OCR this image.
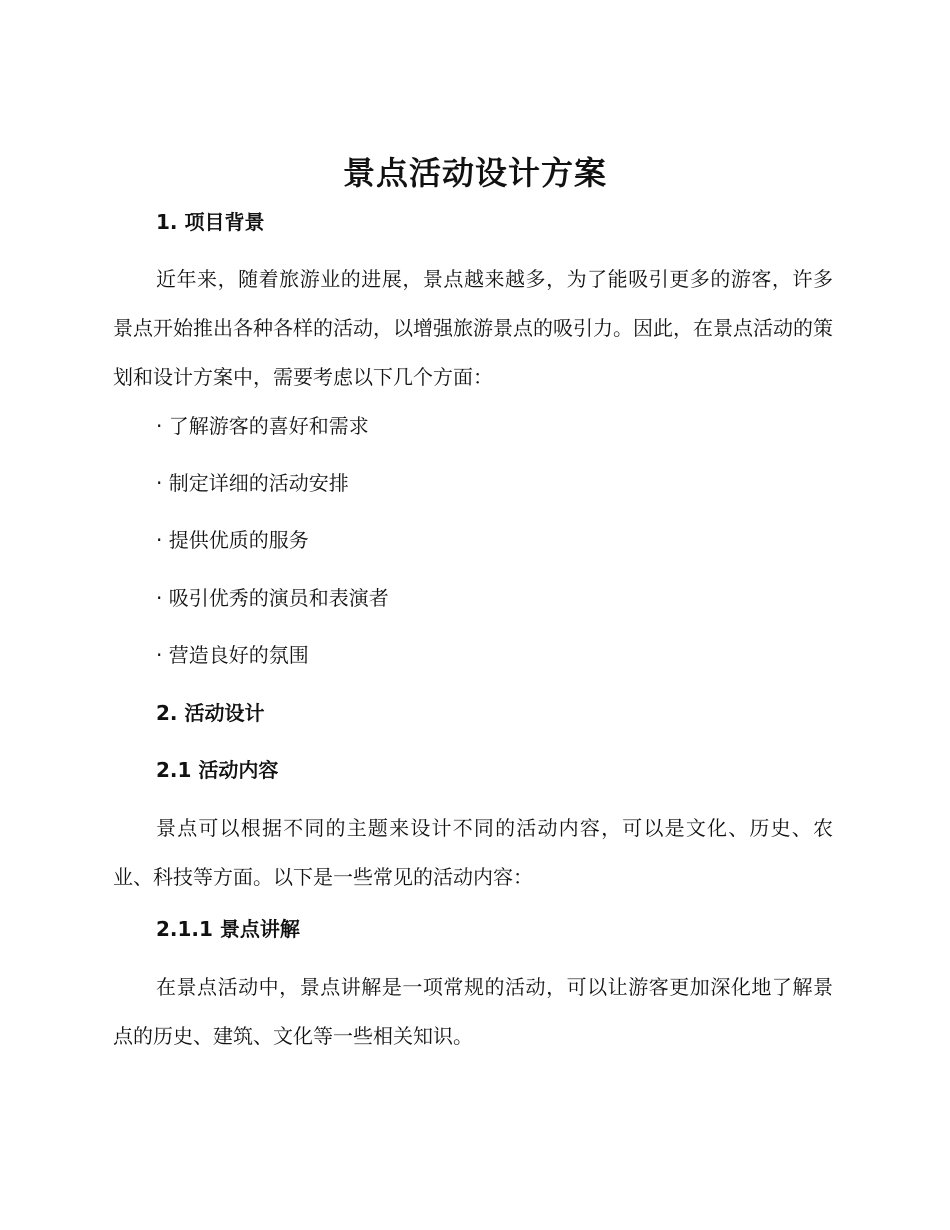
景点活动设计方案
1. 项目背景
近年来，随着旅游业的进展，景点越来越多，为了能吸引更多的游客，许多景点开始推出各种各样的活动，以增强旅游景点的吸引力。因此，在景点活动的策划和设计方案中，需要考虑以下几个方面：
· 了解游客的喜好和需求
· 制定详细的活动安排
· 提供优质的服务
· 吸引优秀的演员和表演者
· 营造良好的氛围
2. 活动设计
2.1 活动内容
景点可以根据不同的主题来设计不同的活动内容，可以是文化、历史、农业、科技等方面。以下是一些常见的活动内容：
2.1.1 景点讲解
在景点活动中，景点讲解是一项常规的活动，可以让游客更加深化地了解景点的历史、建筑、文化等一些相关知识。
